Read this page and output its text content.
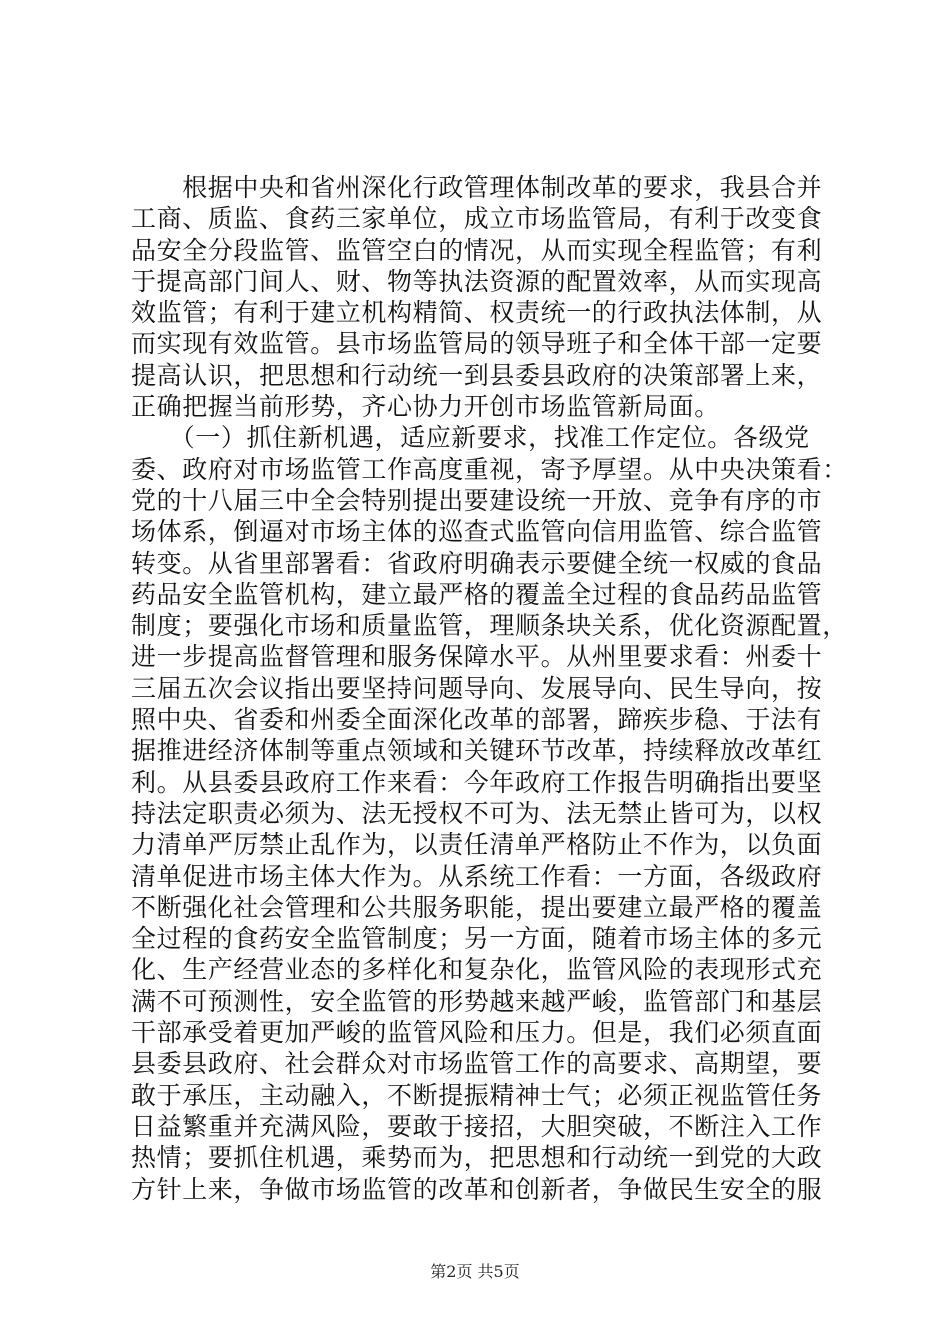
　　根据中央和省州深化行政管理体制改革的要求，我县合并
工商、质监、食药三家单位，成立市场监管局，有利于改变食
品安全分段监管、监管空白的情况，从而实现全程监管；有利
于提高部门间人、财、物等执法资源的配置效率，从而实现高
效监管；有利于建立机构精简、权责统一的行政执法体制，从
而实现有效监管。县市场监管局的领导班子和全体干部一定要
提高认识，把思想和行动统一到县委县政府的决策部署上来，
正确把握当前形势，齐心协力开创市场监管新局面。
　　（一）抓住新机遇，适应新要求，找准工作定位。各级党
委、政府对市场监管工作高度重视，寄予厚望。从中央决策看：
党的十八届三中全会特别提出要建设统一开放、竞争有序的市
场体系，倒逼对市场主体的巡查式监管向信用监管、综合监管
转变。从省里部署看：省政府明确表示要健全统一权威的食品
药品安全监管机构，建立最严格的覆盖全过程的食品药品监管
制度；要强化市场和质量监管，理顺条块关系，优化资源配置，
进一步提高监督管理和服务保障水平。从州里要求看：州委十
三届五次会议指出要坚持问题导向、发展导向、民生导向，按
照中央、省委和州委全面深化改革的部署，蹄疾步稳、于法有
据推进经济体制等重点领域和关键环节改革，持续释放改革红
利。从县委县政府工作来看：今年政府工作报告明确指出要坚
持法定职责必须为、法无授权不可为、法无禁止皆可为，以权
力清单严厉禁止乱作为，以责任清单严格防止不作为，以负面
清单促进市场主体大作为。从系统工作看：一方面，各级政府
不断强化社会管理和公共服务职能，提出要建立最严格的覆盖
全过程的食药安全监管制度；另一方面，随着市场主体的多元
化、生产经营业态的多样化和复杂化，监管风险的表现形式充
满不可预测性，安全监管的形势越来越严峻，监管部门和基层
干部承受着更加严峻的监管风险和压力。但是，我们必须直面
县委县政府、社会群众对市场监管工作的高要求、高期望，要
敢于承压，主动融入，不断提振精神士气；必须正视监管任务
日益繁重并充满风险，要敢于接招，大胆突破，不断注入工作
热情；要抓住机遇，乘势而为，把思想和行动统一到党的大政
方针上来，争做市场监管的改革和创新者，争做民生安全的服
第2页 共5页
